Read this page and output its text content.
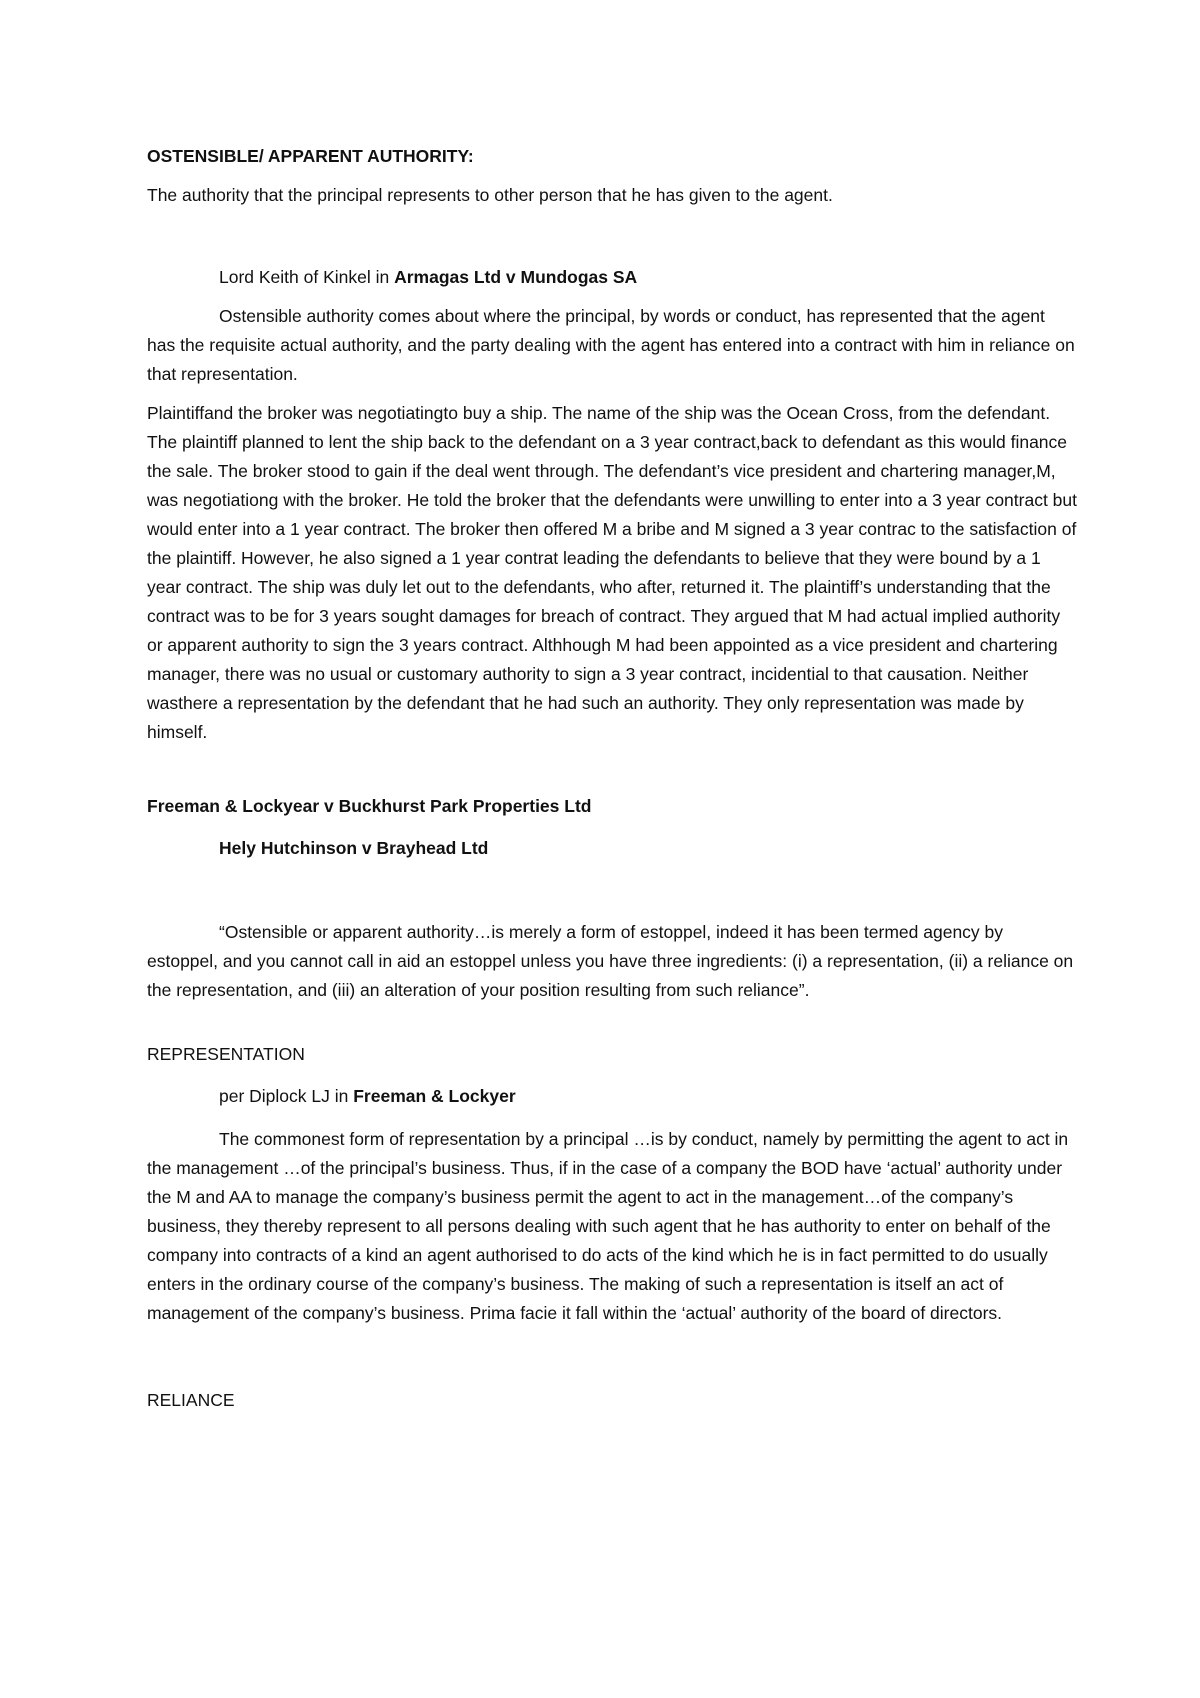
OSTENSIBLE/ APPARENT AUTHORITY:

The authority that the principal represents to other person that he has given to the agent.

Lord Keith of Kinkel in Armagas Ltd v Mundogas SA

Ostensible authority comes about where the principal, by words or conduct, has represented that the agent has the requisite actual authority, and the party dealing with the agent has entered into a contract with him in reliance on that representation.

Plaintiffand the broker was negotiatingto buy a ship. The name of the ship was the Ocean Cross, from the defendant. The plaintiff planned to lent the ship back to the defendant on a 3 year contract,back to defendant as this would finance the sale. The broker stood to gain if the deal went through. The defendant’s vice president and chartering manager,M, was negotiationg with the broker. He told the broker that the defendants were unwilling to enter into a 3 year contract but would enter into a 1 year contract. The broker then offered M a bribe and M signed a 3 year contrac to the satisfaction of the plaintiff. However, he also signed a 1 year contrat leading the defendants to believe that they were bound by a 1 year contract. The ship was duly let out to the defendants, who after, returned it. The plaintiff’s understanding that the contract was to be for 3 years sought damages for breach of contract. They argued that M had actual implied authority or apparent authority to sign the 3 years contract. Althhough M had been appointed as a vice president and chartering manager, there was no usual or customary authority to sign a 3 year contract, incidential to that causation. Neither wasthere a representation by the defendant that he had such an authority. They only representation was made by himself.

Freeman & Lockyear v Buckhurst Park Properties Ltd

Hely Hutchinson v Brayhead Ltd

“Ostensible or apparent authority…is merely a form of estoppel, indeed it has been termed agency by estoppel, and you cannot call in aid an estoppel unless you have three ingredients: (i) a representation, (ii) a reliance on the representation, and (iii) an alteration of your position resulting from such reliance”.

REPRESENTATION

per Diplock LJ in Freeman & Lockyer

The commonest form of representation by a principal …is by conduct, namely by permitting the agent to act in the management …of the principal’s business. Thus, if in the case of a company the BOD have ‘actual’ authority under the M and AA to manage the company’s business permit the agent to act in the management…of the company’s business, they thereby represent to all persons dealing with such agent that he has authority to enter on behalf of the company into contracts of a kind an agent authorised to do acts of the kind which he is in fact permitted to do usually enters in the ordinary course of the company’s business. The making of such a representation is itself an act of management of the company’s business. Prima facie it fall within the ‘actual’ authority of the board of directors.

RELIANCE
